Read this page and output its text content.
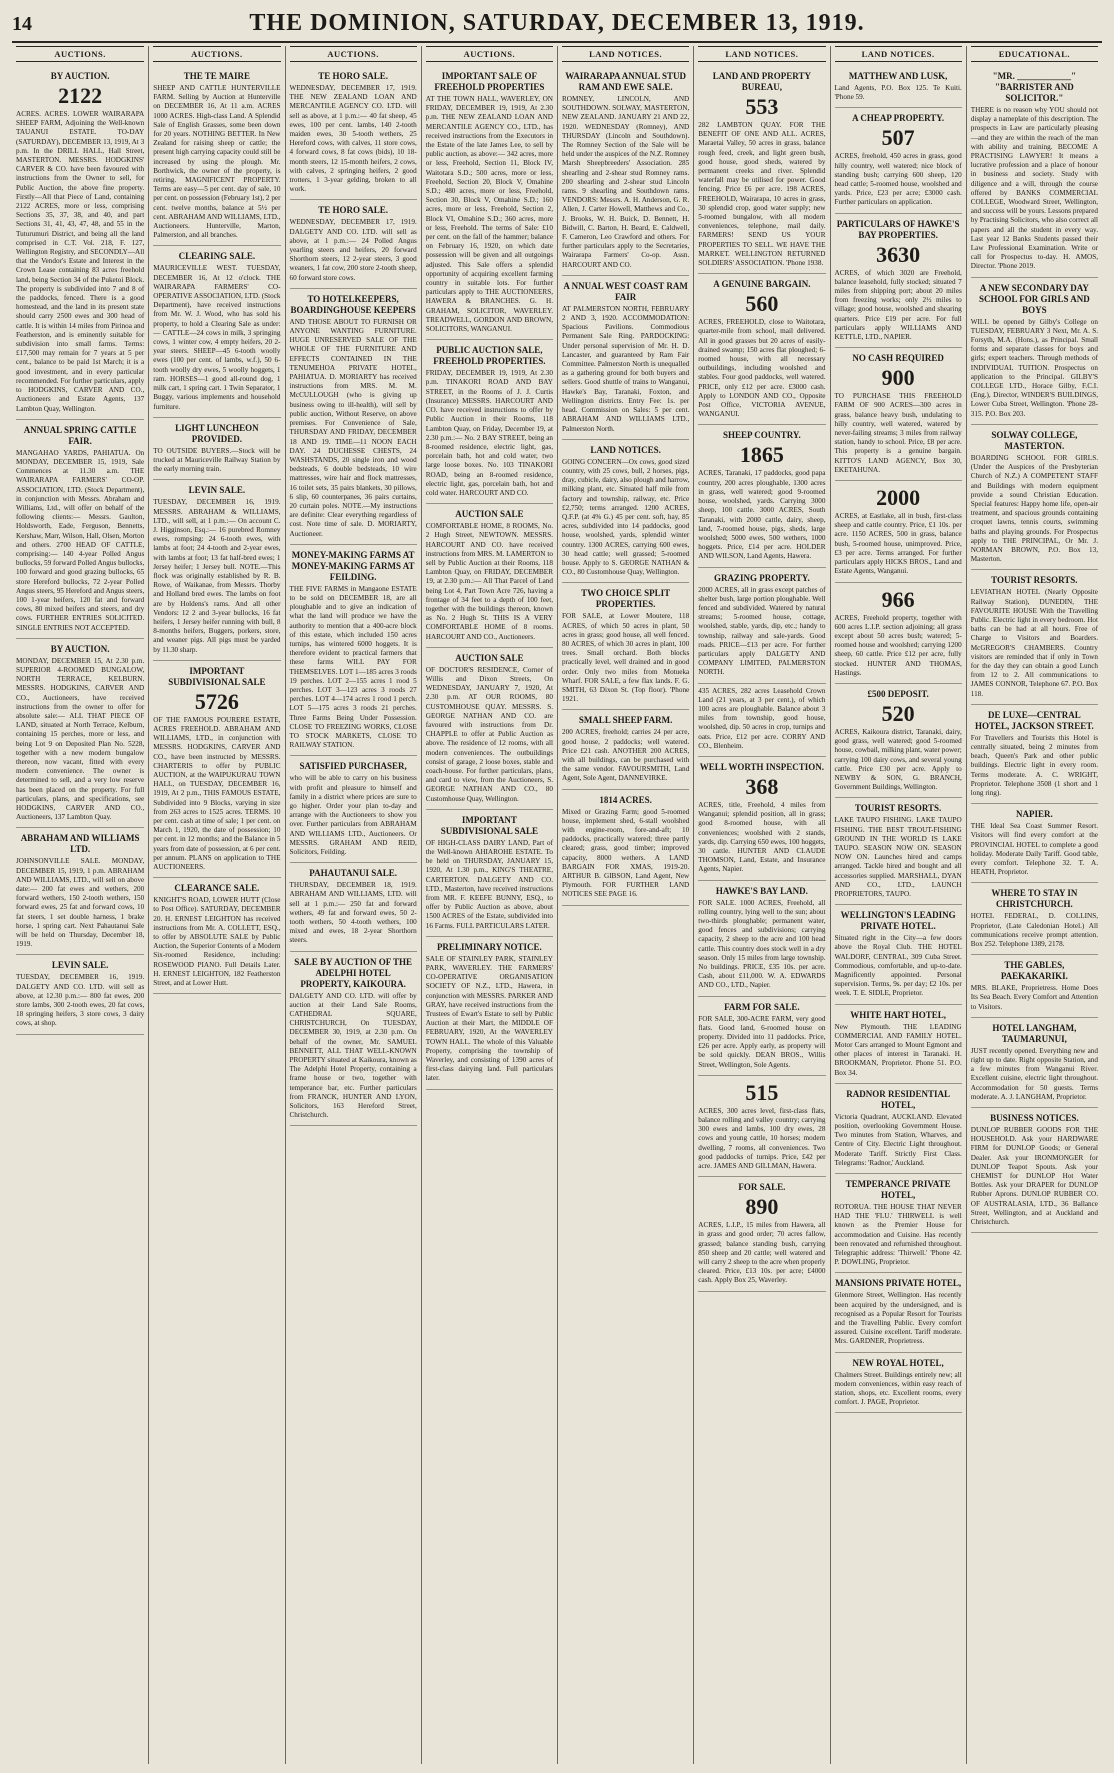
14	THE DOMINION, SATURDAY, DECEMBER 13, 1919.
AUCTIONS.
BY AUCTION.
2122

ACRES. ACRES. LOWER WAIRARAPA SHEEP FARM, Adjoining the Well-known TAUANUI ESTATE. TO-DAY (SATURDAY), DECEMBER 13, 1919, At 3 p.m. In the DRILL HALL, Hall Street, MASTERTON. MESSRS. HODGKINS' CARVER & CO. have been favoured with instructions from the Owner to sell, for Public Auction, the above fine property. Firstly—All that Piece of Land, containing 2122 ACRES, more or less, comprising Sections 35, 37, 38, and 40, and part Sections 31, 41, 43, 47, 48, and 55 in the Tuturumuri District, and being all the land comprised in C.T. Vol. 218, F. 127, Wellington Registry, and SECONDLY—All that the Vendor's Estate and Interest in the Crown Lease containing 83 acres freehold land, being Section 34 of the Puketoi Block. The property is subdivided into 7 and 8 of the paddocks, fenced. There is a good homestead, and the land in its present state should carry 2500 ewes and 300 head of cattle. It is within 14 miles from Pirinoa and Featherston, and is eminently suitable for subdivision into small farms. Terms: £17,500 may remain for 7 years at 5 per cent., balance to be paid 1st March; it is a good investment, and in every particular recommended. For further particulars, apply to HODGKINS, CARVER AND CO., Auctioneers and Estate Agents, 137 Lambton Quay, Wellington.

ANNUAL SPRING CATTLE FAIR.

MANGAHAO YARDS, PAHIATUA. On MONDAY, DECEMBER 15, 1919, Sale Commences at 11.30 a.m. THE WAIRARAPA FARMERS' CO-OP. ASSOCIATION, LTD. (Stock Department), in conjunction with Messrs. Abraham and Williams, Ltd., will offer on behalf of the following clients:— Messrs. Gaulton, Holdsworth, Eade, Ferguson, Bennetts, Kershaw, Marr, Wilson, Hall, Olsen, Morton and others. 2700 HEAD OF CATTLE, comprising:— 140 4-year Polled Angus bullocks, 59 forward Polled Angus bullocks, 100 forward and good grazing bullocks, 65 store Hereford bullocks, 72 2-year Polled Angus steers, 95 Hereford and Angus steers, 100 1-year heifers, 120 fat and forward cows, 80 mixed heifers and steers, and dry cows. FURTHER ENTRIES SOLICITED. SINGLE ENTRIES NOT ACCEPTED.

BY AUCTION.

MONDAY, DECEMBER 15, At 2.30 p.m. SUPERIOR 4-ROOMED BUNGALOW, NORTH TERRACE, KELBURN. MESSRS. HODGKINS, CARVER AND CO., Auctioneers, have received instructions from the owner to offer for absolute sale:— ALL THAT PIECE OF LAND, situated at North Terrace, Kelburn, containing 15 perches, more or less, and being Lot 9 on Deposited Plan No. 5228, together with a new modern bungalow thereon, now vacant, fitted with every modern convenience. The owner is determined to sell, and a very low reserve has been placed on the property. For full particulars, plans, and specifications, see HODGKINS, CARVER AND CO., Auctioneers, 137 Lambton Quay.

ABRAHAM AND WILLIAMS LTD.

JOHNSONVILLE SALE. MONDAY, DECEMBER 15, 1919, 1 p.m. ABRAHAM AND WILLIAMS, LTD., will sell on above date:— 200 fat ewes and wethers, 200 forward wethers, 150 2-tooth wethers, 150 forward ewes, 25 fat and forward cows, 10 fat steers, 1 set double harness, 1 brake horse, 1 spring cart. Next Pahautanui Sale will be held on Thursday, December 18, 1919.

LEVIN SALE.

TUESDAY, DECEMBER 16, 1919. DALGETY AND CO. LTD. will sell as above, at 12.30 p.m.:— 800 fat ewes, 200 store lambs, 300 2-tooth ewes, 20 fat cows, 18 springing heifers, 3 store cows, 3 dairy cows, at shop.

AUCTIONS.
THE TE MAIRE

SHEEP AND CATTLE HUNTERVILLE FARM. Selling by Auction at Hunterville on DECEMBER 16, At 11 a.m. ACRES 1000 ACRES. High-class Land. A Splendid Sale of English Grasses, some been down for 20 years. NOTHING BETTER. In New Zealand for raising sheep or cattle; the present high carrying capacity could still be increased by using the plough. Mr. Borthwick, the owner of the property, is retiring. MAGNIFICENT PROPERTY. Terms are easy—5 per cent. day of sale, 10 per cent. on possession (February 1st), 2 per cent. twelve months, balance at 5½ per cent. ABRAHAM AND WILLIAMS, LTD., Auctioneers. Hunterville, Marton, Palmerston, and all branches.

CLEARING SALE.

MAURICEVILLE WEST. TUESDAY, DECEMBER 16, At 12 o'clock. THE WAIRARAPA FARMERS' CO-OPERATIVE ASSOCIATION, LTD. (Stock Department), have received instructions from Mr. W. J. Wood, who has sold his property, to hold a Clearing Sale as under:— CATTLE—24 cows in milk, 3 springing cows, 1 winter cow, 4 empty heifers, 20 2-year steers. SHEEP—45 6-tooth woolly ewes (100 per cent. of lambs, w.f.), 50 6-tooth woolly dry ewes, 5 woolly hoggets, 1 ram. HORSES—1 good all-round dog, 1 milk cart, 1 spring cart. 1 Twin Separator, 1 Buggy, various implements and household furniture.

LIGHT LUNCHEON PROVIDED.

TO OUTSIDE BUYERS.—Stock will be trucked at Mauriceville Railway Station by the early morning train.

LEVIN SALE.

TUESDAY, DECEMBER 16, 1919. MESSRS. ABRAHAM & WILLIAMS, LTD., will sell, at 1 p.m.:— On account C. J. Higginson, Esq.:— 16 purebred Romney ewes, rompsing: 24 6-tooth ewes, with lambs at foot; 24 4-tooth and 2-year ewes, with lambs at foot; 13 fat half-bred ewes; 1 Jersey heifer; 1 Jersey bull. NOTE.—This flock was originally established by R. B. Rowe, of Waikanae, from Messrs. Thorby and Holland bred ewes. The lambs on foot are by Holdens's rams. And all other Vendors: 12 2 and 3-year bullocks, 16 fat heifers, 1 Jersey heifer running with bull, 8 8-months heifers, Buggers, porkers, store, and weaner pigs. All pigs must be yarded by 11.30 sharp.

IMPORTANT SUBDIVISIONAL SALE
5726

OF THE FAMOUS POURERE ESTATE, ACRES FREEHOLD. ABRAHAM AND WILLIAMS, LTD., in conjunction with MESSRS. HODGKINS, CARVER AND CO., have been instructed by MESSRS. CHARTERIS to offer by PUBLIC AUCTION, at the WAIPUKURAU TOWN HALL, on TUESDAY, DECEMBER 16, 1919, At 2 p.m., THIS FAMOUS ESTATE, Subdivided into 9 Blocks, varying in size from 263 acres to 1525 acres. TERMS. 10 per cent. cash at time of sale; 1 per cent. on March 1, 1920, the date of possession; 10 per cent. in 12 months; and the Balance in 5 years from date of possession, at 6 per cent. per annum. PLANS on application to THE AUCTIONEERS.

CLEARANCE SALE.

KNIGHT'S ROAD, LOWER HUTT (Close to Post Office). SATURDAY, DECEMBER 20. H. ERNEST LEIGHTON has received instructions from Mr. A. COLLETT, ESQ., to offer by ABSOLUTE SALE by Public Auction, the Superior Contents of a Modern Six-roomed Residence, including: ROSEWOOD PIANO. Full Details Later. H. ERNEST LEIGHTON, 182 Featherston Street, and at Lower Hutt.

AUCTIONS.
TE HORO SALE.

WEDNESDAY, DECEMBER 17, 1919. THE NEW ZEALAND LOAN AND MERCANTILE AGENCY CO. LTD. will sell as above, at 1 p.m.:— 40 fat sheep, 45 ewes, 100 per cent. lambs, 140 2-tooth maiden ewes, 30 5-tooth wethers, 25 Hereford cows, with calves, 11 store cows, 4 forward cows, 8 fat cows (bids), 10 18-month steers, 12 15-month heifers, 2 cows, with calves, 2 springing heifers, 2 good trotters, 1 3-year gelding, broken to all work.

TE HORO SALE.

WEDNESDAY, DECEMBER 17, 1919. DALGETY AND CO. LTD. will sell as above, at 1 p.m.:— 24 Polled Angus yearling steers and heifers, 20 forward Shorthorn steers, 12 2-year steers, 3 good weaners, 1 fat cow, 200 store 2-tooth sheep, 60 forward store cows.

TO HOTELKEEPERS, BOARDINGHOUSE KEEPERS

AND THOSE ABOUT TO FURNISH OR ANYONE WANTING FURNITURE. HUGE UNRESERVED SALE OF THE WHOLE OF THE FURNITURE AND EFFECTS CONTAINED IN THE TENUMEHOA PRIVATE HOTEL, PAHIATUA. D. MORIARTY has received instructions from MRS. M. M. McCULLOUGH (who is giving up business owing to ill-health), will sell by public auction, Without Reserve, on above premises. For Convenience of Sale, THURSDAY AND FRIDAY, DECEMBER 18 AND 19. TIME—11 NOON EACH DAY. 24 DUCHESSE CHESTS, 24 WASHSTANDS, 20 single iron and wood bedsteads, 6 double bedsteads, 10 wire mattresses, wire hair and flock mattresses, 16 toilet sets, 35 pairs blankets, 30 pillows, 6 slip, 60 counterpanes, 36 pairs curtains, 20 curtain poles. NOTE.—My instructions are definite: Clear everything regardless of cost. Note time of sale. D. MORIARTY, Auctioneer.

MONEY-MAKING FARMS AT MONEY-MAKING FARMS AT FEILDING.

THE FIVE FARMS in Mangaone ESTATE to be sold on DECEMBER 18, are all ploughable and to give an indication of what the land will produce we have the authority to mention that a 400-acre block of this estate, which included 150 acres turnips, has wintered 6000 hoggets. It is therefore evident to practical farmers that these farms WILL PAY FOR THEMSELVES. LOT 1—185 acres 3 roods 19 perches. LOT 2—155 acres 1 rood 5 perches. LOT 3—123 acres 3 roods 27 perches. LOT 4—174 acres 1 rood 1 perch. LOT 5—175 acres 3 roods 21 perches. Three Farms Being Under Possession. CLOSE TO FREEZING WORKS, CLOSE TO STOCK MARKETS, CLOSE TO RAILWAY STATION.

SATISFIED PURCHASER,

who will be able to carry on his business with profit and pleasure to himself and family in a district where prices are sure to go higher. Order your plan to-day and arrange with the Auctioneers to show you over. Further particulars from ABRAHAM AND WILLIAMS LTD., Auctioneers. Or MESSRS. GRAHAM AND REID, Solicitors, Feilding.

PAHAUTANUI SALE.

THURSDAY, DECEMBER 18, 1919. ABRAHAM AND WILLIAMS, LTD. will sell at 1 p.m.:— 250 fat and forward wethers, 49 fat and forward ewes, 50 2-tooth wethers, 50 4-tooth wethers, 100 mixed and ewes, 18 2-year Shorthorn steers.

SALE BY AUCTION OF THE ADELPHI HOTEL PROPERTY, KAIKOURA.

DALGETY AND CO. LTD. will offer by auction at their Land Sale Rooms, CATHEDRAL SQUARE, CHRISTCHURCH, On TUESDAY, DECEMBER 30, 1919, at 2.30 p.m. On behalf of the owner, Mr. SAMUEL BENNETT, ALL THAT WELL-KNOWN PROPERTY situated at Kaikoura, known as The Adelphi Hotel Property, containing a frame house or two, together with temperance bar, etc. Further particulars from FRANCK, HUNTER AND LYON, Solicitors, 163 Hereford Street, Christchurch.

AUCTIONS.
IMPORTANT SALE OF FREEHOLD PROPERTIES

AT THE TOWN HALL, WAVERLEY, ON FRIDAY, DECEMBER 19, 1919, At 2.30 p.m. THE NEW ZEALAND LOAN AND MERCANTILE AGENCY CO., LTD., has received instructions from the Executors in the Estate of the late James Lee, to sell by public auction, as above:— 342 acres, more or less, Freehold, Section 11, Block IV, Waitotara S.D.; 500 acres, more or less, Freehold, Section 20, Block V, Omahine S.D.; 480 acres, more or less, Freehold, Section 30, Block V, Omahine S.D.; 160 acres, more or less, Freehold, Section 2, Block VI, Omahine S.D.; 360 acres, more or less, Freehold. The terms of Sale: £10 per cent. on the fall of the hammer; balance on February 16, 1920, on which date possession will be given and all outgoings adjusted. This Sale offers a splendid opportunity of acquiring excellent farming country in suitable lots. For further particulars apply to THE AUCTIONEERS, HAWERA & BRANCHES. G. H. GRAHAM, SOLICITOR, WAVERLEY. TREADWELL, GORDON AND BROWN, SOLICITORS, WANGANUI.

PUBLIC AUCTION SALE, FREEHOLD PROPERTIES.

FRIDAY, DECEMBER 19, 1919, At 2.30 p.m. TINAKORI ROAD AND BAY STREET, in the Rooms of J. J. Curtis (Insurance) MESSRS. HARCOURT AND CO. have received instructions to offer by Public Auction in their Rooms, 118 Lambton Quay, on Friday, December 19, at 2.30 p.m.:— No. 2 BAY STREET, being an 8-roomed residence, electric light, gas, porcelain bath, hot and cold water, two large loose boxes. No. 103 TINAKORI ROAD, being an 8-roomed residence, electric light, gas, porcelain bath, hot and cold water. HARCOURT AND CO.

AUCTION SALE

COMFORTABLE HOME, 8 ROOMS, No. 2 Hugh Street, NEWTOWN. MESSRS. HARCOURT AND CO. have received instructions from MRS. M. LAMERTON to sell by Public Auction at their Rooms, 118 Lambton Quay, on FRIDAY, DECEMBER 19, at 2.30 p.m.:— All That Parcel of Land being Lot 4, Part Town Acre 726, having a frontage of 34 feet to a depth of 100 feet, together with the buildings thereon, known as No. 2 Hugh St. THIS IS A VERY COMFORTABLE HOME of 8 rooms. HARCOURT AND CO., Auctioneers.

AUCTION SALE

OF DOCTOR'S RESIDENCE, Corner of Willis and Dixon Streets, On WEDNESDAY, JANUARY 7, 1920, At 2.30 p.m. AT OUR ROOMS, 80 CUSTOMHOUSE QUAY. MESSRS. S. GEORGE NATHAN AND CO. are favoured with instructions from Dr. CHAPPLE to offer at Public Auction as above. The residence of 12 rooms, with all modern conveniences. The outbuildings consist of garage, 2 loose boxes, stable and coach-house. For further particulars, plans, and card to view, from the Auctioneers, S. GEORGE NATHAN AND CO., 80 Customhouse Quay, Wellington.

IMPORTANT SUBDIVISIONAL SALE

OF HIGH-CLASS DAIRY LAND, Part of the Well-known AHIAROHE ESTATE. To be held on THURSDAY, JANUARY 15, 1920, At 1.30 p.m., KING'S THEATRE, CARTERTON. DALGETY AND CO. LTD., Masterton, have received instructions from MR. F. KEEFE BUNNY, ESQ., to offer by Public Auction as above, about 1500 ACRES of the Estate, subdivided into 16 Farms. FULL PARTICULARS LATER.

PRELIMINARY NOTICE.

SALE OF STAINLEY PARK, STAINLEY PARK, WAVERLEY. THE FARMERS' CO-OPERATIVE ORGANISATION SOCIETY OF N.Z., LTD., Hawera, in conjunction with MESSRS. PARKER AND GRAY, have received instructions from the Trustees of Ewart's Estate to sell by Public Auction at their Mart, the MIDDLE OF FEBRUARY, 1920, At the WAVERLEY TOWN HALL. The whole of this Valuable Property, comprising the township of Waverley, and consisting of 1390 acres of first-class dairying land. Full particulars later.

LAND NOTICES.
WAIRARAPA ANNUAL STUD RAM AND EWE SALE.

ROMNEY, LINCOLN, AND SOUTHDOWN. SOLWAY, MASTERTON, NEW ZEALAND. JANUARY 21 AND 22, 1920. WEDNESDAY (Romney), AND THURSDAY (Lincoln and Southdown). The Romney Section of the Sale will be held under the auspices of the N.Z. Romney Marsh Sheepbreeders' Association. 285 shearling and 2-shear stud Romney rams. 200 shearling and 2-shear stud Lincoln rams. 9 shearling and Southdown rams. VENDORS: Messrs. A. H. Anderson, G. R. Allen, J. Carter Howell, Matthews and Co., J. Brooks, W. H. Buick, D. Bennett, H. Bidwill, C. Barton, H. Beard, E. Caldwell, F. Cameron, Leo Crawford and others. For further particulars apply to the Secretaries, Wairarapa Farmers' Co-op. Assn. HARCOURT AND CO.

A NNUAL WEST COAST RAM FAIR

AT PALMERSTON NORTH, FEBRUARY 2 AND 3, 1920. ACCOMMODATION: Spacious Pavilions. Commodious Permanent Sale Ring. PARDOCKING: Under personal supervision of Mr. H. D. Lancaster, and guaranteed by Ram Fair Committee. Palmerston North is unequalled as a gathering ground for both buyers and sellers. Good shuttle of trains to Wanganui, Hawke's Bay, Taranaki, Foxton, and Wellington districts. Entry Fee: 1s. per head. Commission on Sales: 5 per cent. ABRAHAM AND WILLIAMS LTD., Palmerston North.

LAND NOTICES.

GOING CONCERN—Ox cows, good sized country, with 25 cows, bull, 2 horses, pigs, dray, cubicle, dairy, also plough and harrow, milking plant, etc. Situated half mile from factory and township, railway, etc. Price £2,750; terms arranged. 1200 ACRES, Q.F.P. (at 4% G.) 45 per cent. soft, hay, 85 acres, subdivided into 14 paddocks, good house, woolshed, yards, splendid winter country. 1300 ACRES, carrying 600 ewes, 30 head cattle; well grassed; 5-roomed house. Apply to S. GEORGE NATHAN & CO., 80 Customhouse Quay, Wellington.

TWO CHOICE SPLIT PROPERTIES.

FOR SALE, at Lower Moutere, 118 ACRES, of which 50 acres in plant, 50 acres in grass; good house, all well fenced. 80 ACRES, of which 30 acres in plant, 100 trees. Small orchard. Both blocks practically level, well drained and in good order. Only two miles from Motueka Wharf. FOR SALE, a few flax lands. F. G. SMITH, 63 Dixon St. (Top floor). 'Phone 1921.

SMALL SHEEP FARM.

200 ACRES, freehold; carries 24 per acre, good house, 2 paddocks; well watered. Price £21 cash. ANOTHER 200 ACRES, with all buildings, can be purchased with the same vendor. FAVOURSMITH, Land Agent, Sole Agent, DANNEVIRKE.

1814 ACRES.

Mixed or Grazing Farm; good 5-roomed house, implement shed, 6-stall woolshed with engine-room, fore-and-aft; 10 paddocks, practically watered; three partly cleared; grass, good timber; improved capacity, 8000 wethers. A LAND BARGAIN FOR XMAS, 1919-20. ARTHUR B. GIBSON, Land Agent, New Plymouth. FOR FURTHER LAND NOTICES SEE PAGE 16.

LAND NOTICES.
LAND AND PROPERTY BUREAU,
553

282 LAMBTON QUAY. FOR THE BENEFIT OF ONE AND ALL. ACRES, Maraetai Valley, 50 acres in grass, balance rough feed, creek, and light green bush, good house, good sheds, watered by permanent creeks and river. Splendid waterfall may be utilised for power. Good fencing. Price £6 per acre. 198 ACRES, FREEHOLD, Wairarapa, 10 acres in grass, 30 splendid crop, good water supply; new 5-roomed bungalow, with all modern conveniences, telephone, mail daily. FARMERS! SEND US YOUR PROPERTIES TO SELL. WE HAVE THE MARKET. WELLINGTON RETURNED SOLDIERS' ASSOCIATION. 'Phone 1938.

A GENUINE BARGAIN.
560

ACRES, FREEHOLD, close to Waitotara, quarter-mile from school, mail delivered. All in good grasses but 20 acres of easily-drained swamp; 150 acres flat ploughed; 6-roomed house, with all necessary outbuildings, including woolshed and stables. Four good paddocks, well watered. PRICE, only £12 per acre. £3000 cash. Apply to LONDON AND CO., Opposite Post Office, VICTORIA AVENUE, WANGANUI.

SHEEP COUNTRY.
1865

ACRES, Taranaki, 17 paddocks, good papa country, 200 acres ploughable, 1300 acres in grass, well watered; good 9-roomed house, woolshed, yards. Carrying 3000 sheep, 100 cattle. 3000 ACRES, South Taranaki, with 2000 cattle, dairy, sheep, land, 7-roomed house, pigs, sheds, large woolshed; 5000 ewes, 500 wethers, 1000 hoggets. Price, £14 per acre. HOLDER AND WILSON, Land Agents, Hawera.

GRAZING PROPERTY.

2000 ACRES, all in grass except patches of shelter bush, large portion ploughable. Well fenced and subdivided. Watered by natural streams; 5-roomed house, cottage, woolshed, stable, yards, dip, etc.; handy to township, railway and sale-yards. Good roads. PRICE—£13 per acre. For further particulars apply DALGETY AND COMPANY LIMITED, PALMERSTON NORTH.

435 ACRES, 282 acres Leasehold Crown Land (21 years, at 3 per cent.), of which 100 acres are ploughable. Balance about 3 miles from township, good house, woolshed, dip. 50 acres in crop, turnips and oats. Price, £12 per acre. CORRY AND CO., Blenheim.

WELL WORTH INSPECTION.
368

ACRES, title, Freehold, 4 miles from Wanganui; splendid position, all in grass; good 8-roomed house, with all conveniences; woolshed with 2 stands, yards, dip. Carrying 650 ewes, 100 hoggets, 30 cattle. HUNTER AND CLAUDE THOMSON, Land, Estate, and Insurance Agents, Napier.

HAWKE'S BAY LAND.

FOR SALE. 1000 ACRES, Freehold, all rolling country, lying well to the sun; about two-thirds ploughable; permanent water, good fences and subdivisions; carrying capacity, 2 sheep to the acre and 100 head cattle. This country does stock well in a dry season. Only 15 miles from large township. No buildings. PRICE, £35 10s. per acre. Cash, about £11,000. W. A. EDWARDS AND CO., LTD., Napier.

FARM FOR SALE.

FOR SALE, 300-ACRE FARM, very good flats. Good land, 6-roomed house on property. Divided into 11 paddocks. Price, £26 per acre. Apply early, as property will be sold quickly. DEAN BROS., Willis Street, Wellington, Sole Agents.

515

ACRES, 300 acres level, first-class flats, balance rolling and valley country; carrying 300 ewes and lambs, 100 dry ewes, 28 cows and young cattle, 10 horses; modern dwelling, 7 rooms, all conveniences. Two good paddocks of turnips. Price, £42 per acre. JAMES AND GILLMAN, Hawera.

FOR SALE.
890

ACRES, L.I.P., 15 miles from Hawera, all in grass and good order; 70 acres fallow, grassed; balance standing bush, carrying 850 sheep and 20 cattle; well watered and will carry 2 sheep to the acre when properly cleared. Price, £13 10s. per acre; £4000 cash. Apply Box 25, Waverley.

LAND NOTICES.
MATTHEW AND LUSK,

Land Agents, P.O. Box 125. Te Kuiti. 'Phone 59.

A CHEAP PROPERTY.
507

ACRES, freehold, 450 acres in grass, good hilly country, well watered; nice block of standing bush; carrying 600 sheep, 120 head cattle; 5-roomed house, woolshed and yards. Price, £23 per acre; £3000 cash. Further particulars on application.

PARTICULARS OF HAWKE'S BAY PROPERTIES.
3630

ACRES, of which 3020 are Freehold, balance leasehold, fully stocked; situated 7 miles from shipping port; about 20 miles from freezing works; only 2½ miles to village; good house, woolshed and shearing quarters. Price £19 per acre. For full particulars apply WILLIAMS AND KETTLE, LTD., NAPIER.

NO CASH REQUIRED
900

TO PURCHASE THIS FREEHOLD FARM OF 900 ACRES—300 acres in grass, balance heavy bush, undulating to hilly country, well watered, watered by never-failing streams; 3 miles from railway station, handy to school. Price, £8 per acre. This property is a genuine bargain. KITTO'S LAND AGENCY, Box 30, EKETAHUNA.

2000

ACRES, at Eastlake, all in bush, first-class sheep and cattle country. Price, £1 10s. per acre. 1150 ACRES, 500 in grass, balance bush, 5-roomed house, unimproved. Price, £3 per acre. Terms arranged. For further particulars apply HICKS BROS., Land and Estate Agents, Wanganui.

966

ACRES, Freehold property, together with 600 acres L.I.P. section adjoining; all grass except about 50 acres bush; watered; 5-roomed house and woolshed; carrying 1200 sheep, 60 cattle. Price £12 per acre, fully stocked. HUNTER AND THOMAS, Hastings.

£500 DEPOSIT.
520

ACRES, Kaikoura district, Taranaki, dairy, good grass, well watered; good 5-roomed house, cowbail, milking plant, water power; carrying 100 dairy cows, and several young cattle. Price £30 per acre. Apply to NEWBY & SON, G. BRANCH, Government Buildings, Wellington.

TOURIST RESORTS.

LAKE TAUPO FISHING. LAKE TAUPO FISHING. THE BEST TROUT-FISHING GROUND IN THE WORLD IS LAKE TAUPO. SEASON NOW ON. SEASON NOW ON. Launches hired and camps arranged. Tackle hired and bought and all accessories supplied. MARSHALL, DYAN AND CO., LTD., LAUNCH PROPRIETORS, TAUPO.

WELLINGTON'S LEADING PRIVATE HOTEL.

Situated right in the City—a few doors above the Royal Club. THE HOTEL WALDORF, CENTRAL, 309 Cuba Street. Commodious, comfortable, and up-to-date. Magnificently appointed. Personal supervision. Terms, 9s. per day; £2 10s. per week. T. E. SIDLE, Proprietor.

WHITE HART HOTEL,

New Plymouth. THE LEADING COMMERCIAL AND FAMILY HOTEL. Motor Cars arranged to Mount Egmont and other places of interest in Taranaki. H. BROOKMAN, Proprietor. Phone 51. P.O. Box 34.

RADNOR RESIDENTIAL HOTEL,

Victoria Quadrant, AUCKLAND. Elevated position, overlooking Government House. Two minutes from Station, Wharves, and Centre of City. Electric Light throughout. Moderate Tariff. Strictly First Class. Telegrams: 'Radnor,' Auckland.

TEMPERANCE PRIVATE HOTEL,

ROTORUA. THE HOUSE THAT NEVER HAD THE 'FLU.' THIRWELL is well known as the Premier House for accommodation and Cuisine. Has recently been renovated and refurnished throughout. Telegraphic address: 'Thirwell.' 'Phone 42. P. DOWLING, Proprietor.

MANSIONS PRIVATE HOTEL,

Glenmore Street, Wellington. Has recently been acquired by the undersigned, and is recognised as a Popular Resort for Tourists and the Travelling Public. Every comfort assured. Cuisine excellent. Tariff moderate. Mrs. GARDNER, Proprietress.

NEW ROYAL HOTEL,

Chalmers Street. Buildings entirely new; all modern conveniences, within easy reach of station, shops, etc. Excellent rooms, every comfort. J. PAGE, Proprietor.

EDUCATIONAL.
"MR. ____________" "BARRISTER AND SOLICITOR."

THERE is no reason why YOU should not display a nameplate of this description. The prospects in Law are particularly pleasing—and they are within the reach of the man with ability and training. BECOME A PRACTISING LAWYER! It means a lucrative profession and a place of honour in business and society. Study with diligence and a will, through the course offered by BANKS COMMERCIAL COLLEGE, Woodward Street, Wellington, and success will be yours. Lessons prepared by Practising Solicitors, who also correct all papers and all the student in every way. Last year 12 Banks Students passed their Law Professional Examination. Write or call for Prospectus to-day. H. AMOS, Director. 'Phone 2019.

A NEW SECONDARY DAY SCHOOL FOR GIRLS AND BOYS

WILL be opened by Gilby's College on TUESDAY, FEBRUARY 3 Next, Mr. A. S. Forsyth, M.A. (Hons.), as Principal. Small forms and separate classes for boys and girls; expert teachers. Through methods of INDIVIDUAL TUITION. Prospectus on application to the Principal. GILBY'S COLLEGE LTD., Horace Gilby, F.C.I. (Eng.), Director, WINDER'S BUILDINGS, Lower Cuba Street, Wellington. 'Phone 28-315. P.O. Box 203.

SOLWAY COLLEGE, MASTERTON.

BOARDING SCHOOL FOR GIRLS. (Under the Auspices of the Presbyterian Church of N.Z.) A COMPETENT STAFF and Buildings with modern equipment provide a sound Christian Education. Special features: Happy home life, open-air treatment, and spacious grounds containing croquet lawns, tennis courts, swimming baths and playing grounds. For Prospectus apply to THE PRINCIPAL, Or Mr. J. NORMAN BROWN, P.O. Box 13, Masterton.

TOURIST RESORTS.

LEVIATHAN HOTEL (Nearly Opposite Railway Station), DUNEDIN, THE FAVOURITE HOUSE With the Travelling Public. Electric light in every bedroom. Hot baths can be had at all hours. Free of Charge to Visitors and Boarders. McGREGOR'S CHAMBERS. Country visitors are reminded that if only in Town for the day they can obtain a good Lunch from 12 to 2. All communications to JAMES CONNOR, Telephone 67. P.O. Box 118.

DE LUXE—CENTRAL HOTEL, JACKSON STREET.

For Travellers and Tourists this Hotel is centrally situated, being 2 minutes from beach, Queen's Park and other public buildings. Electric light in every room. Terms moderate. A. C. WRIGHT, Proprietor. Telephone 3508 (1 short and 1 long ring).

NAPIER.

THE Ideal Sea Coast Summer Resort. Visitors will find every comfort at the PROVINCIAL HOTEL to complete a good holiday. Moderate Daily Tariff. Good table, every comfort. Telephone 32. T. A. HEATH, Proprietor.

WHERE TO STAY IN CHRISTCHURCH.

HOTEL FEDERAL, D. COLLINS, Proprietor, (Late Caledonian Hotel.) All communications receive prompt attention. Box 252. Telephone 1389, 2178.

THE GABLES, PAEKAKARIKI.

MRS. BLAKE, Proprietress. Home Does Its Sea Beach. Every Comfort and Attention to Visitors.

HOTEL LANGHAM, TAUMARUNUI,

JUST recently opened. Everything new and right up to date. Right opposite Station, and a few minutes from Wanganui River. Excellent cuisine, electric light throughout. Accommodation for 50 guests. Terms moderate. A. J. LANGHAM, Proprietor.

BUSINESS NOTICES.

DUNLOP RUBBER GOODS FOR THE HOUSEHOLD. Ask your HARDWARE FIRM for DUNLOP Goods; or General Dealer. Ask your IRONMONGER for DUNLOP Teapot Spouts. Ask your CHEMIST for DUNLOP Hot Water Bottles. Ask your DRAPER for DUNLOP Rubber Aprons. DUNLOP RUBBER CO. OF AUSTRALASIA, LTD., 36 Ballance Street, Wellington, and at Auckland and Christchurch.
